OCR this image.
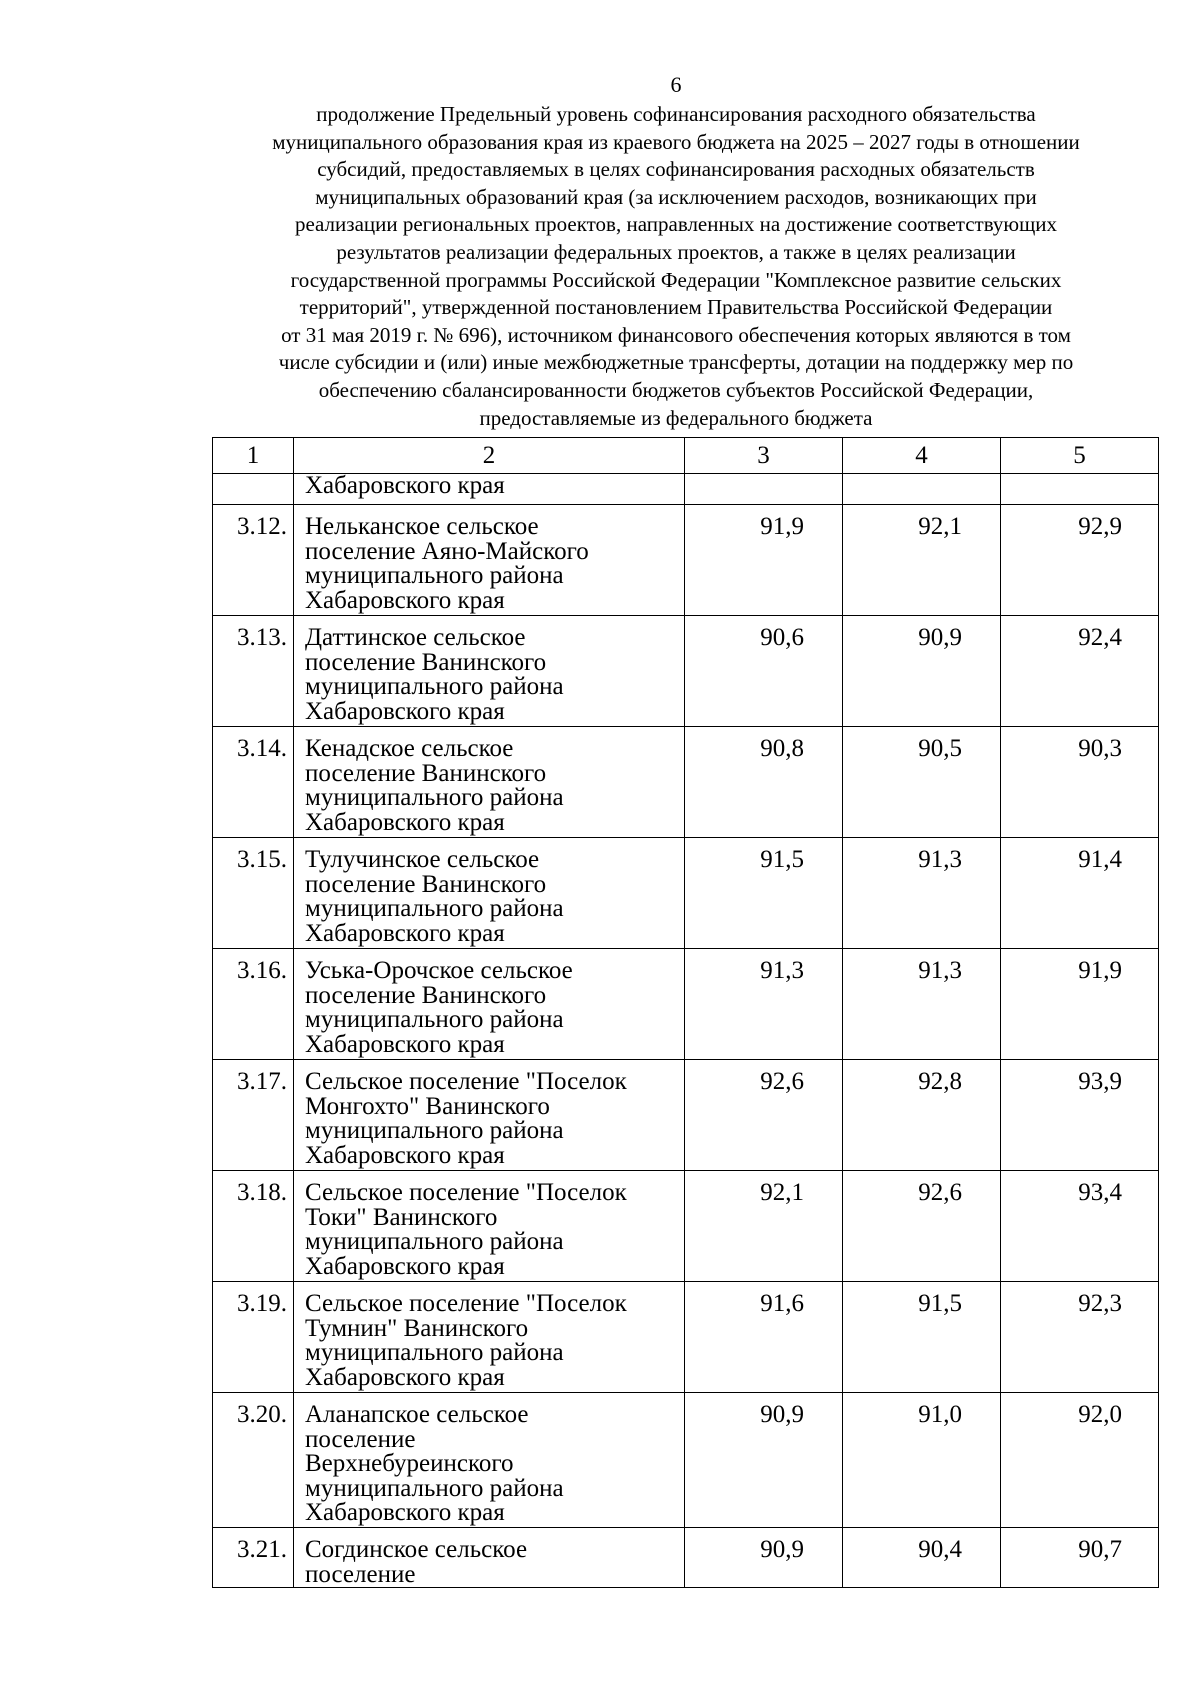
6
продолжение Предельный уровень софинансирования расходного обязательства
муниципального образования края из краевого бюджета на 2025 – 2027 годы в отношении
субсидий, предоставляемых в целях софинансирования расходных обязательств
муниципальных образований края (за исключением расходов, возникающих при
реализации региональных проектов, направленных на достижение соответствующих
результатов реализации федеральных проектов, а также в целях реализации
государственной программы Российской Федерации "Комплексное развитие сельских
территорий", утвержденной постановлением Правительства Российской Федерации
от 31 мая 2019 г. № 696), источником финансового обеспечения которых являются в том
числе субсидии и (или) иные межбюджетные трансферты, дотации на поддержку мер по
обеспечению сбалансированности бюджетов субъектов Российской Федерации,
предоставляемые из федерального бюджета
1	2	3	4	5
	Хабаровского края			
3.12.	Нельканское сельское
поселение Аяно-Майского
муниципального района
Хабаровского края	91,9	92,1	92,9
3.13.	Даттинское сельское
поселение Ванинского
муниципального района
Хабаровского края	90,6	90,9	92,4
3.14.	Кенадское сельское
поселение Ванинского
муниципального района
Хабаровского края	90,8	90,5	90,3
3.15.	Тулучинское сельское
поселение Ванинского
муниципального района
Хабаровского края	91,5	91,3	91,4
3.16.	Уська-Орочское сельское
поселение Ванинского
муниципального района
Хабаровского края	91,3	91,3	91,9
3.17.	Сельское поселение "Поселок
Монгохто" Ванинского
муниципального района
Хабаровского края	92,6	92,8	93,9
3.18.	Сельское поселение "Поселок
Токи" Ванинского
муниципального района
Хабаровского края	92,1	92,6	93,4
3.19.	Сельское поселение "Поселок
Тумнин" Ванинского
муниципального района
Хабаровского края	91,6	91,5	92,3
3.20.	Аланапское сельское
поселение
Верхнебуреинского
муниципального района
Хабаровского края	90,9	91,0	92,0
3.21.	Согдинское сельское
поселение	90,9	90,4	90,7
